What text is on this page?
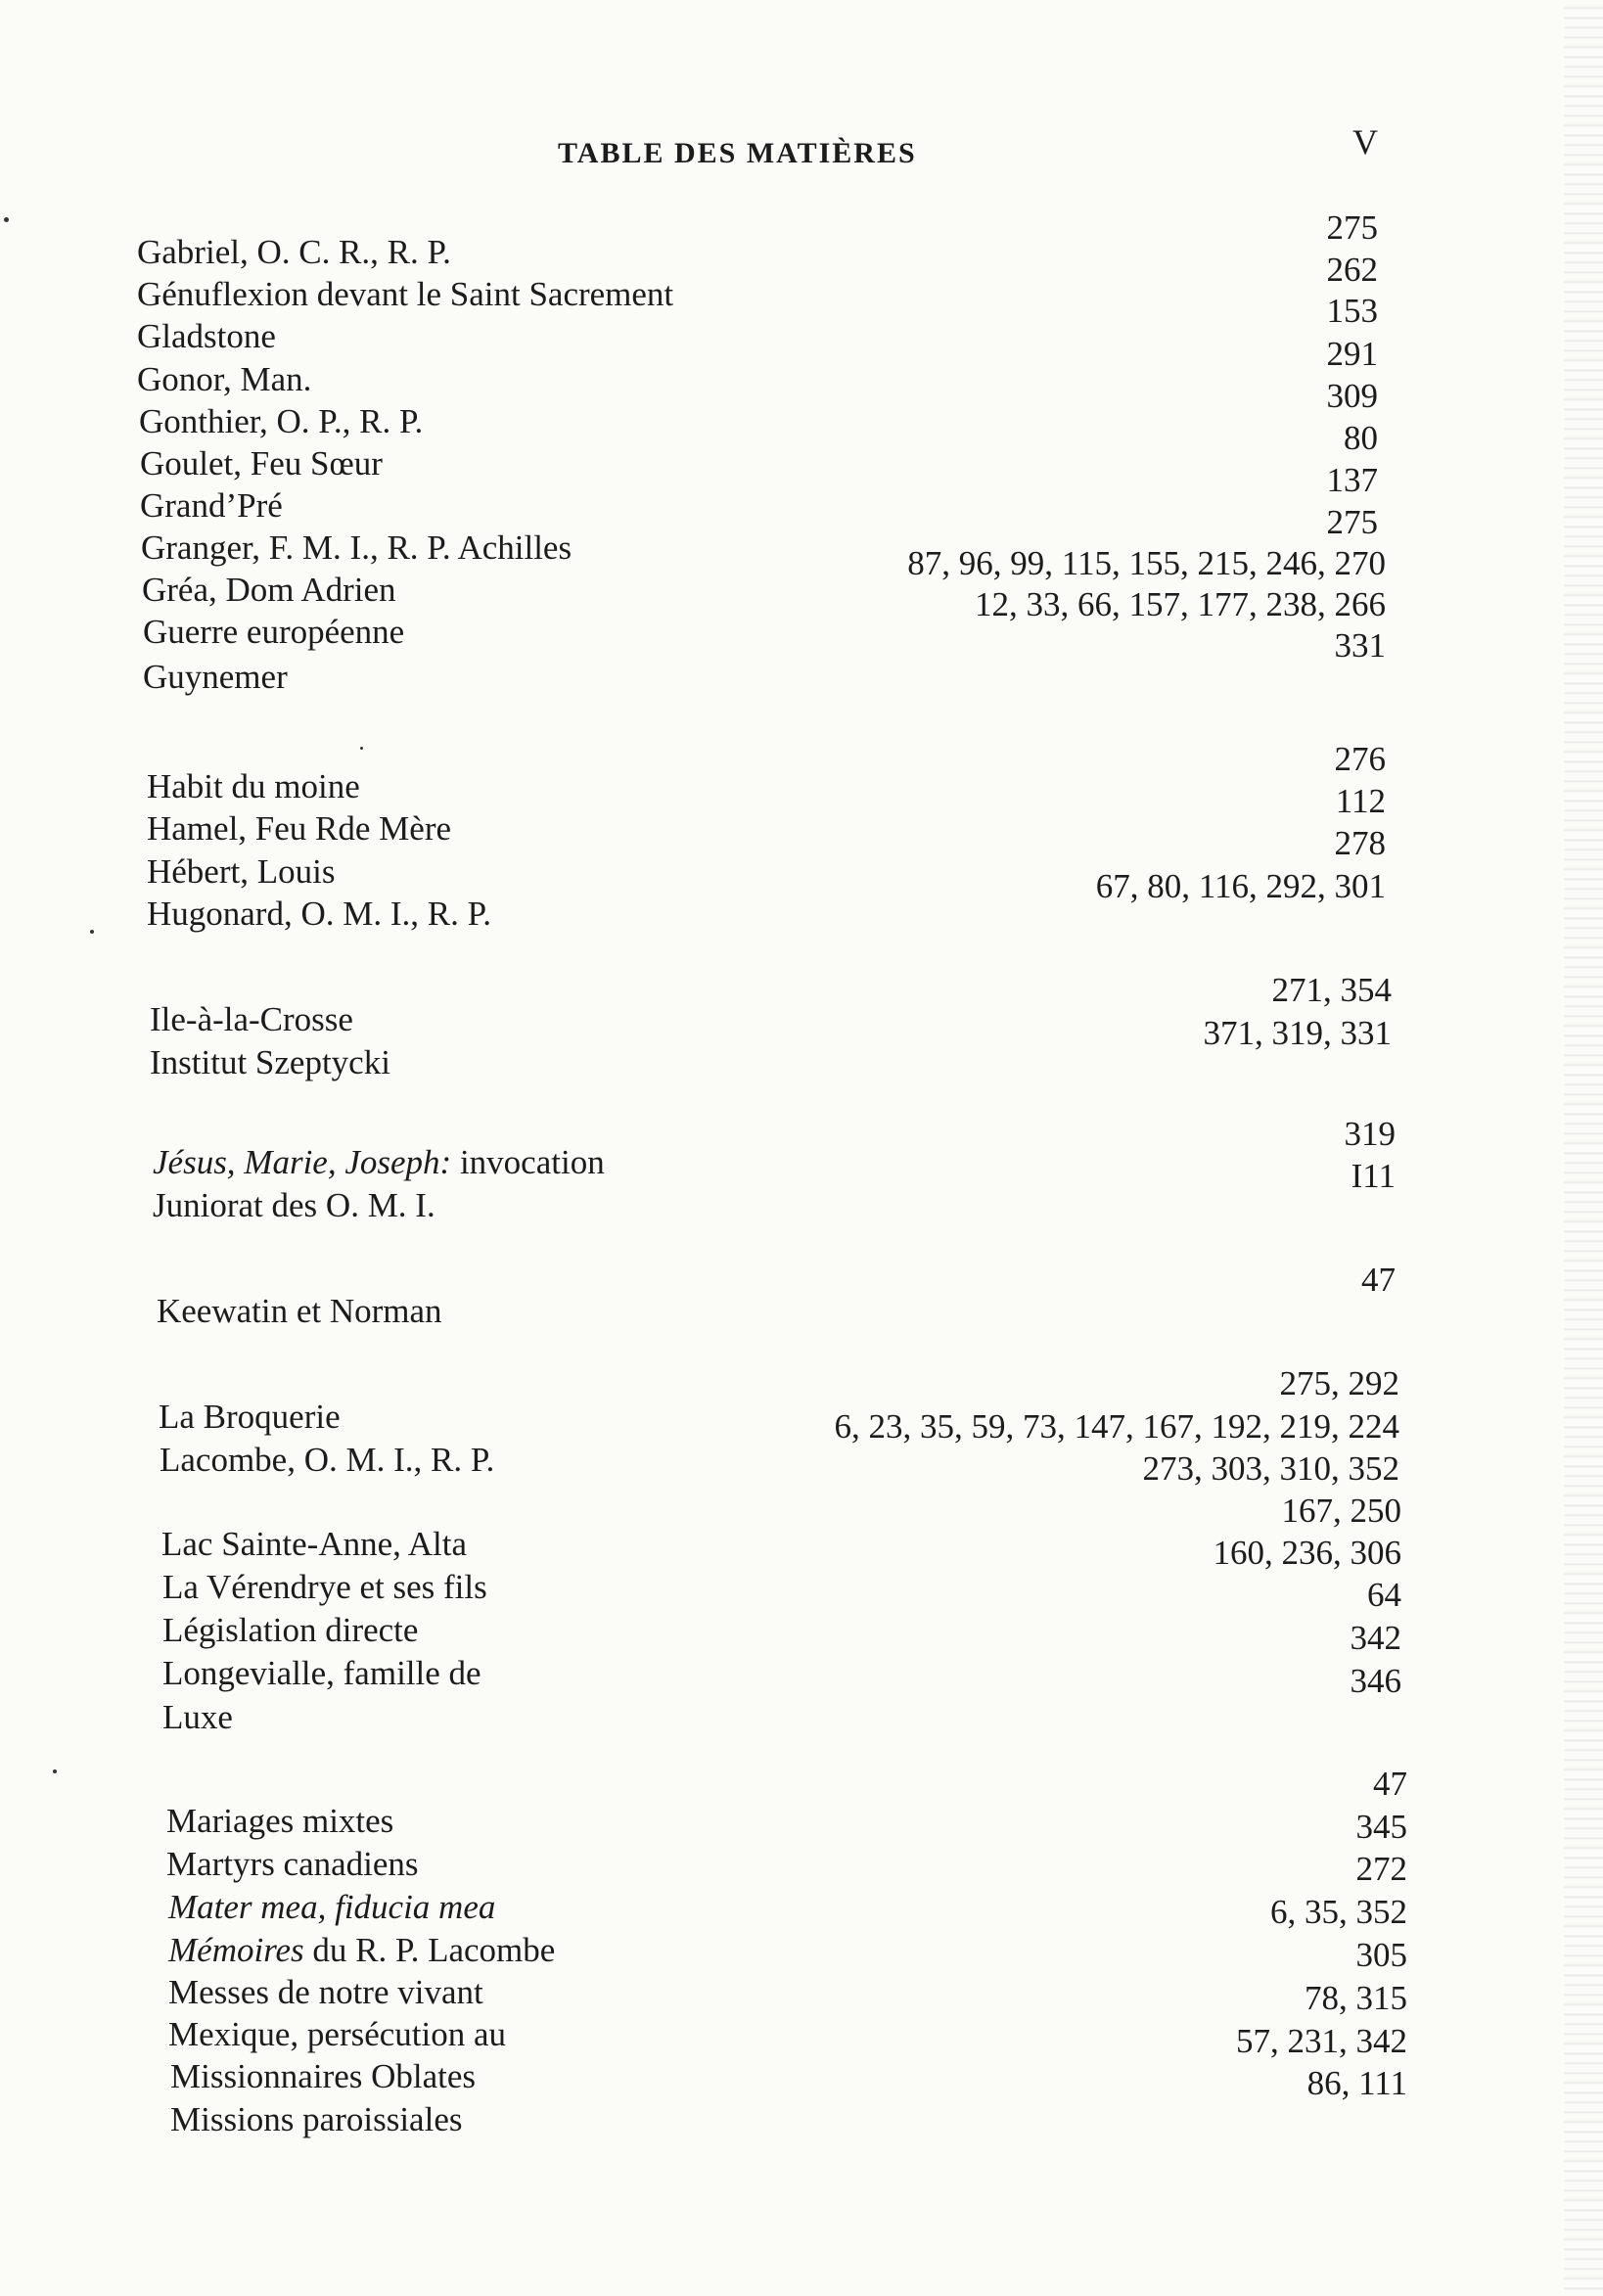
TABLE DES MATIÈRES	V
Gabriel, O. C. R., R. P.
275
Génuflexion devant le Saint Sacrement
262
Gladstone
153
Gonor, Man.
291
Gonthier, O. P., R. P.
309
Goulet, Feu Sœur
80
Grand’Pré
137
Granger, F. M. I., R. P. Achilles
275
Gréa, Dom Adrien
87, 96, 99, 115, 155, 215, 246, 270
Guerre européenne
12, 33, 66, 157, 177, 238, 266
Guynemer
331
Habit du moine
276
Hamel, Feu Rde Mère
112
Hébert, Louis
278
Hugonard, O. M. I., R. P.
67, 80, 116, 292, 301
Ile-à-la-Crosse
271, 354
Institut Szeptycki
371, 319, 331
Jésus, Marie, Joseph: invocation
319
Juniorat des O. M. I.
I11
Keewatin et Norman
47
La Broquerie
275, 292
Lacombe, O. M. I., R. P.
6, 23, 35, 59, 73, 147, 167, 192, 219, 224
273, 303, 310, 352
Lac Sainte-Anne, Alta
167, 250
La Vérendrye et ses fils
160, 236, 306
Législation directe
64
Longevialle, famille de
342
Luxe
346
Mariages mixtes
47
Martyrs canadiens
345
Mater mea, fiducia mea
272
Mémoires du R. P. Lacombe
6, 35, 352
Messes de notre vivant
305
Mexique, persécution au
78, 315
Missionnaires Oblates
57, 231, 342
Missions paroissiales
86, 111
